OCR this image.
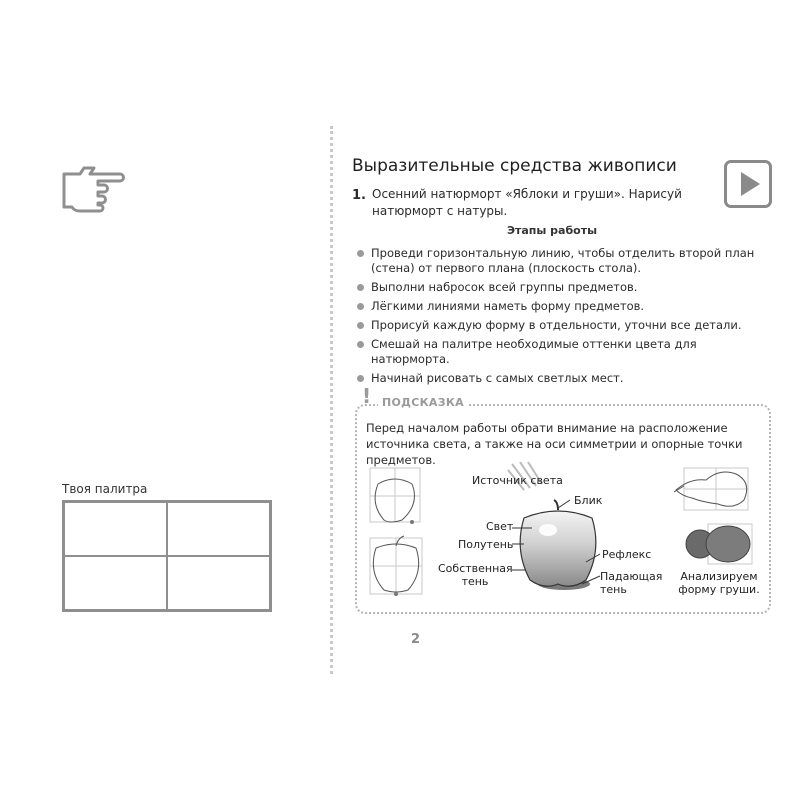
Твоя палитра
Выразительные средства живописи
1. Осенний натюрморт «Яблоки и груши». Нарисуй натюрморт с натуры.
Этапы работы
Проведи горизонтальную линию, чтобы отделить второй план (стена) от первого плана (плоскость стола).
Выполни набросок всей группы предметов.
Лёгкими линиями наметь форму предметов.
Прорисуй каждую форму в отдельности, уточни все детали.
Смешай на палитре необходимые оттенки цвета для натюрморта.
Начинай рисовать с самых светлых мест.
! ПОДСКАЗКА
Перед началом работы обрати внимание на расположение источника света, а также на оси симметрии и опорные точки предметов.
Источник света
Блик
Свет
Полутень
Рефлекс
Собственная тень	Падающая тень
Анализируем форму груши.
2
